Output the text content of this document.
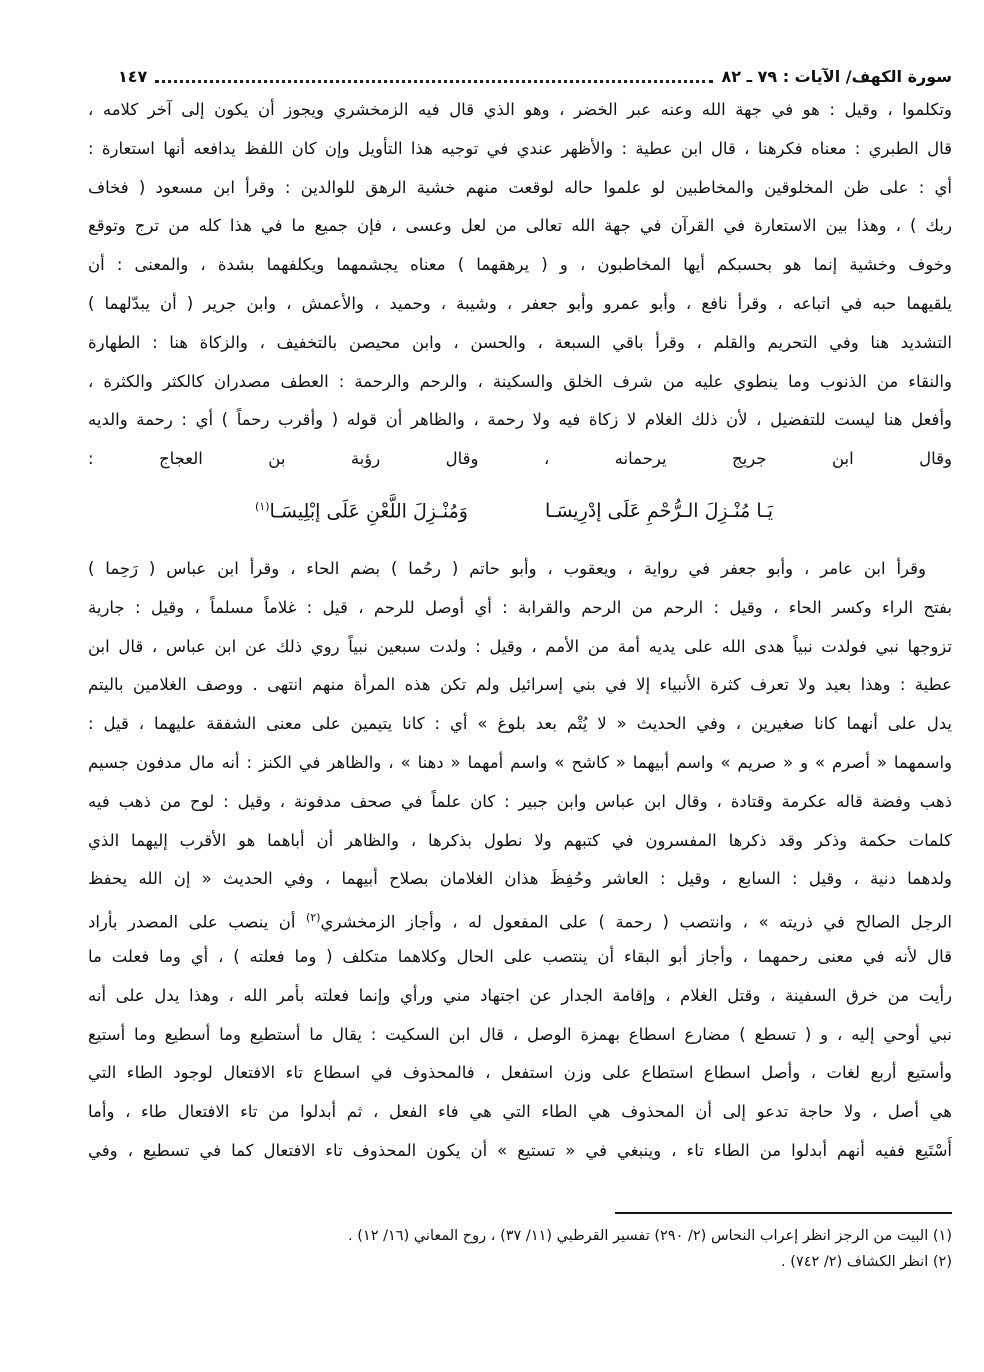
سورة الكهف/ الآيات : ٧٩ ـ ٨٢
١٤٧
وتكلموا ، وقيل : هو في جهة الله وعنه عبر الخضر ، وهو الذي قال فيه الزمخشري ويجوز أن يكون إلى آخر كلامه ،
قال الطبري : معناه فكرهنا ، قال ابن عطية : والأظهر عندي في توجيه هذا التأويل وإن كان اللفظ يدافعه أنها استعارة :
أي : على ظن المخلوقين والمخاطبين لو علموا حاله لوقعت منهم خشية الرهق للوالدين : وقرأ ابن مسعود ( فخاف
ربك ) ، وهذا بين الاستعارة في القرآن في جهة الله تعالى من لعل وعسى ، فإن جميع ما في هذا كله من ترج وتوقع
وخوف وخشية إنما هو بحسبكم أيها المخاطبون ، و ( يرهقهما ) معناه يجشمهما ويكلفهما بشدة ، والمعنى : أن
يلقيهما حبه في اتباعه ، وقرأ نافع ، وأبو عمرو وأبو جعفر ، وشيبة ، وحميد ، والأعمش ، وابن جرير ( أن يبدّلهما )
التشديد هنا وفي التحريم والقلم ، وقرأ باقي السبعة ، والحسن ، وابن محيصن بالتخفيف ، والزكاة هنا : الطهارة
والنقاء من الذنوب وما ينطوي عليه من شرف الخلق والسكينة ، والرحم والرحمة : العطف مصدران كالكثر والكثرة ،
وأفعل هنا ليست للتفضيل ، لأن ذلك الغلام لا زكاة فيه ولا رحمة ، والظاهر أن قوله ( وأقرب رحماً ) أي : رحمة والديه
وقال ابن جريج يرحمانه ، وقال رؤبة بن العجاج :
وقرأ ابن عامر ، وأبو جعفر في رواية ، ويعقوب ، وأبو حاتم ( رحُما ) بضم الحاء ، وقرأ ابن عباس ( رَحِما )
بفتح الراء وكسر الحاء ، وقيل : الرحم من الرحم والقرابة : أي أوصل للرحم ، قيل : غلاماً مسلماً ، وقيل : جارية
تزوجها نبي فولدت نبياً هدى الله على يديه أمة من الأمم ، وقيل : ولدت سبعين نبياً روي ذلك عن ابن عباس ، قال ابن
عطية : وهذا بعيد ولا تعرف كثرة الأنبياء إلا في بني إسرائيل ولم تكن هذه المرأة منهم انتهى . ووصف الغلامين باليتم
يدل على أنهما كانا صغيرين ، وفي الحديث « لا يُتْم بعد بلوغ » أي : كانا يتيمين على معنى الشفقة عليهما ، قيل :
واسمهما « أصرم » و « صريم » واسم أبيهما « كاشح » واسم أمهما « دهنا » ، والظاهر في الكنز : أنه مال مدفون جسيم
ذهب وفضة قاله عكرمة وقتادة ، وقال ابن عباس وابن جبير : كان علماً في صحف مدفونة ، وقيل : لوح من ذهب فيه
كلمات حكمة وذكر وقد ذكرها المفسرون في كتبهم ولا نطول بذكرها ، والظاهر أن أباهما هو الأقرب إليهما الذي
ولدهما دنية ، وقيل : السابع ، وقيل : العاشر وحُفِظَ هذان الغلامان بصلاح أبيهما ، وفي الحديث « إن الله يحفظ
الرجل الصالح في ذريته » ، وانتصب ( رحمة ) على المفعول له ، وأجاز الزمخشري$^{(٢)}$ أن ينصب على المصدر بأراد
قال لأنه في معنى رحمهما ، وأجاز أبو البقاء أن ينتصب على الحال وكلاهما متكلف ( وما فعلته ) ، أي وما فعلت ما
رأيت من خرق السفينة ، وقتل الغلام ، وإقامة الجدار عن اجتهاد مني ورأي وإنما فعلته بأمر الله ، وهذا يدل على أنه
نبي أوحي إليه ، و ( تسطع ) مضارع اسطاع بهمزة الوصل ، قال ابن السكيت : يقال ما أستطيع وما أسطيع وما أستيع
وأستيع أربع لغات ، وأصل اسطاع استطاع على وزن استفعل ، فالمحذوف في اسطاع تاء الافتعال لوجود الطاء التي
هي أصل ، ولا حاجة تدعو إلى أن المحذوف هي الطاء التي هي فاء الفعل ، ثم أبدلوا من تاء الافتعال طاء ، وأما
أَسْتَيع ففيه أنهم أبدلوا من الطاء تاء ، وينبغي في « تستيع » أن يكون المحذوف تاء الافتعال كما في تسطيع ، وفي
يَـا مُنْـزِلَ الـرُّحْمِ عَلَى إدْرِيسَـا
وَمُنْـزِلَ اللَّعْنِ عَلَى إبْلِيسَـا$^{(١)}$
(١) البيت من الرجز انظر إعراب النحاس (٢/ ٢٩٠) تفسير القرطبي (١١/ ٣٧) ، روح المعاني (١٦/ ١٢) .
(٢) انظر الكشاف (٢/ ٧٤٢) .
